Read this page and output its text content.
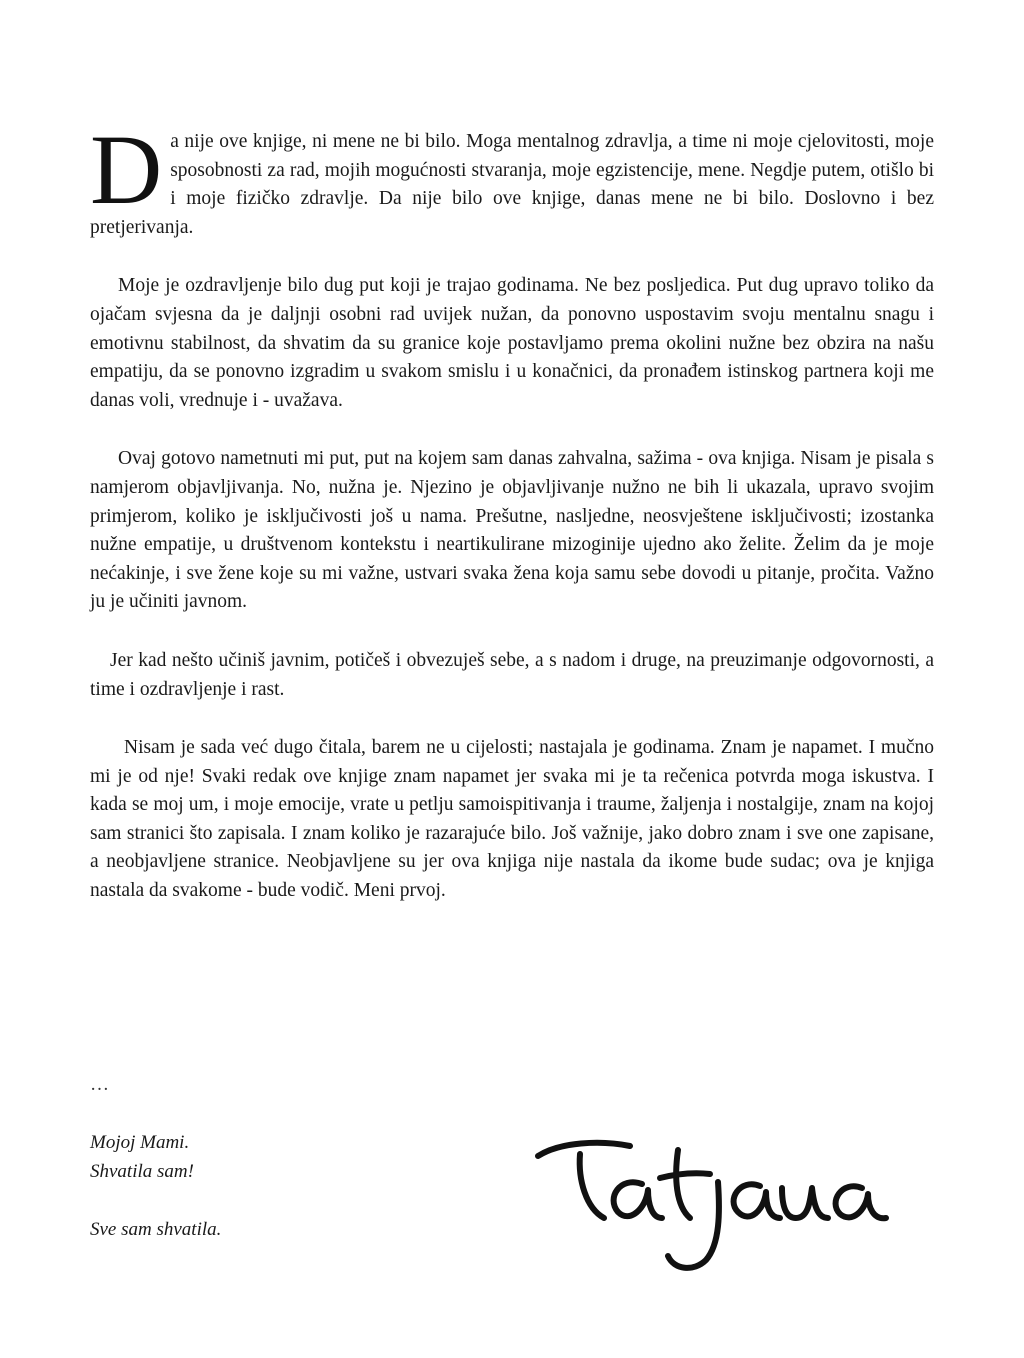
Da nije ove knjige, ni mene ne bi bilo. Moga mentalnog zdravlja, a time ni moje cjelovitosti, moje sposobnosti za rad, mojih mogućnosti stvaranja, moje egzistencije, mene. Negdje putem, otišlo bi i moje fizičko zdravlje. Da nije bilo ove knjige, danas mene ne bi bilo. Doslovno i bez pretjerivanja.

Moje je ozdravljenje bilo dug put koji je trajao godinama. Ne bez posljedica. Put dug upravo toliko da ojačam svjesna da je daljnji osobni rad uvijek nužan, da ponovno uspostavim svoju mentalnu snagu i emotivnu stabilnost, da shvatim da su granice koje postavljamo prema okolini nužne bez obzira na našu empatiju, da se ponovno izgradim u svakom smislu i u konačnici, da pronađem istinskog partnera koji me danas voli, vrednuje i - uvažava.

Ovaj gotovo nametnuti mi put, put na kojem sam danas zahvalna, sažima - ova knjiga. Nisam je pisala s namjerom objavljivanja. No, nužna je. Njezino je objavljivanje nužno ne bih li ukazala, upravo svojim primjerom, koliko je isključivosti još u nama. Prešutne, nasljedne, neosvještene isključivosti; izostanka nužne empatije, u društvenom kontekstu i neartikulirane mizoginije ujedno ako želite. Želim da je moje nećakinje, i sve žene koje su mi važne, ustvari svaka žena koja samu sebe dovodi u pitanje, pročita. Važno ju je učiniti javnom.

Jer kad nešto učiniš javnim, potičeš i obvezuješ sebe, a s nadom i druge, na preuzimanje odgovornosti, a time i ozdravljenje i rast.

Nisam je sada već dugo čitala, barem ne u cijelosti; nastajala je godinama. Znam je napamet. I mučno mi je od nje! Svaki redak ove knjige znam napamet jer svaka mi je ta rečenica potvrda moga iskustva. I kada se moj um, i moje emocije, vrate u petlju samoispitivanja i traume, žaljenja i nostalgije, znam na kojoj sam stranici što zapisala. I znam koliko je razarajuće bilo. Još važnije, jako dobro znam i sve one zapisane, a neobjavljene stranice. Neobjavljene su jer ova knjiga nije nastala da ikome bude sudac; ova je knjiga nastala da svakome - bude vodič. Meni prvoj.

…
Mojoj Mami.
Shvatila sam!
Sve sam shvatila.
